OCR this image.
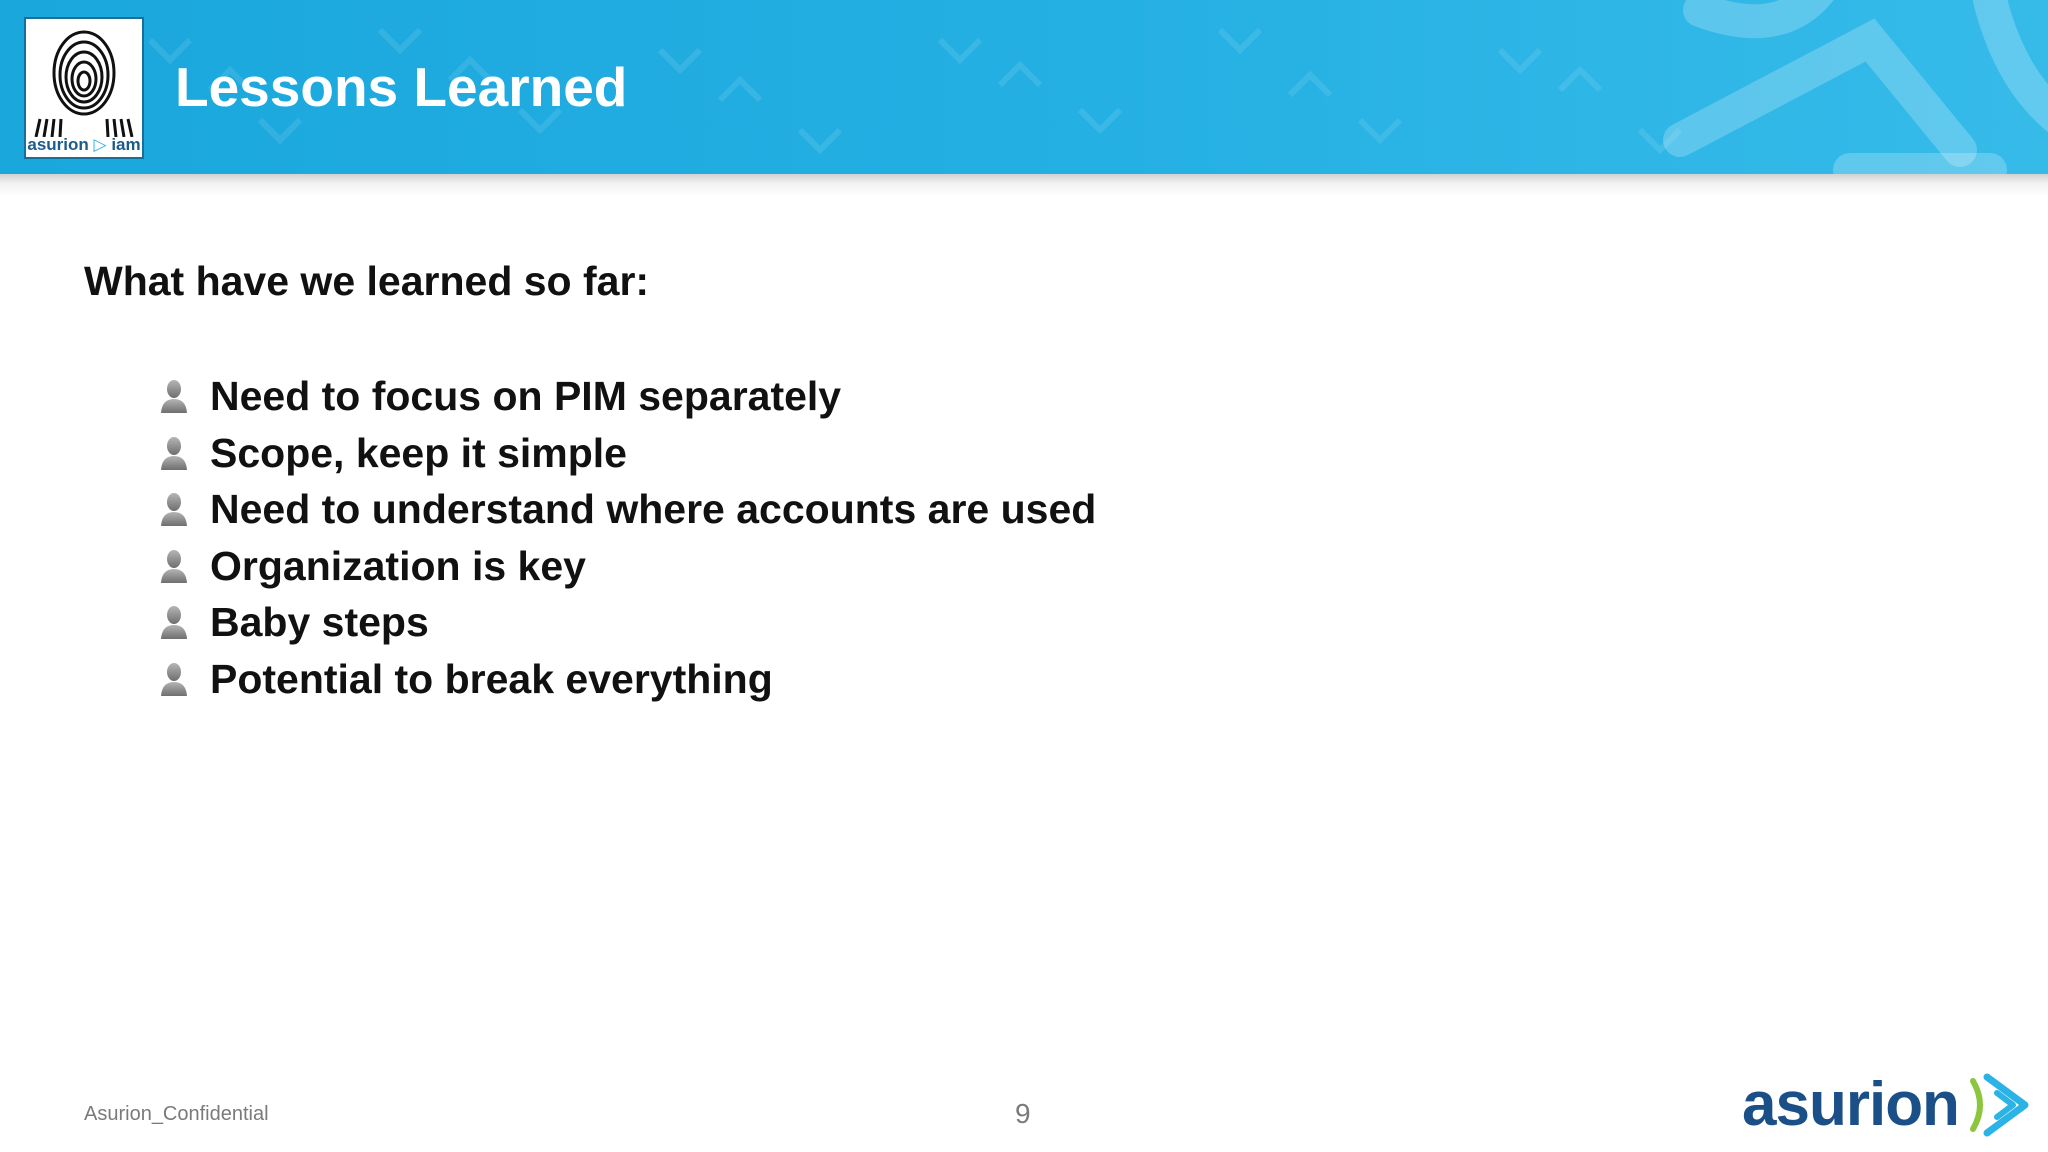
asurion ▷ iam
Lessons Learned

What have we learned so far:

Need to focus on PIM separately
Scope, keep it simple
Need to understand where accounts are used
Organization is key
Baby steps
Potential to break everything
Asurion_Confidential	9	asurion
